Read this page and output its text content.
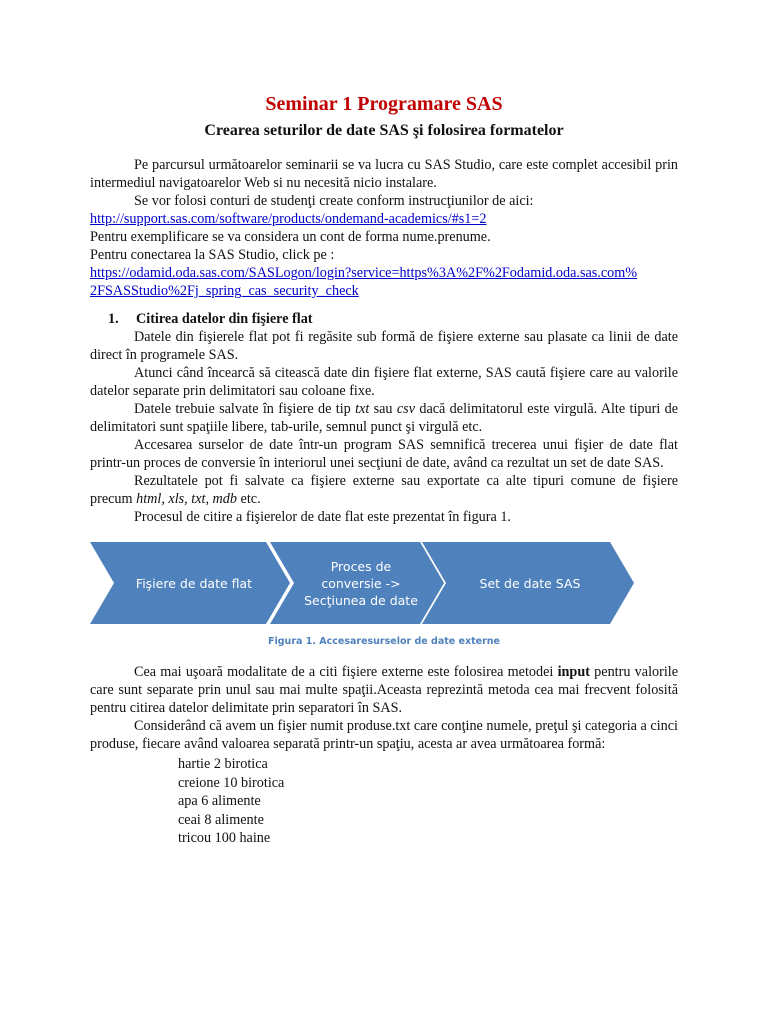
Seminar 1 Programare SAS
Crearea seturilor de date SAS şi folosirea formatelor

Pe parcursul următoarelor seminarii se va lucra cu SAS Studio, care este complet accesibil prin intermediul navigatoarelor Web si nu necesită nicio instalare.

Se vor folosi conturi de studenţi create conform instrucţiunilor de aici:

http://support.sas.com/software/products/ondemand-academics/#s1=2

Pentru exemplificare se va considera un cont de forma nume.prenume.

Pentru conectarea la SAS Studio, click pe :

https://odamid.oda.sas.com/SASLogon/login?service=https%3A%2F%2Fodamid.oda.sas.com%
2FSASStudio%2Fj_spring_cas_security_check

1. Citirea datelor din fişiere flat

Datele din fişierele flat pot fi regăsite sub formă de fişiere externe sau plasate ca linii de date direct în programele SAS.

Atunci când încearcă să citească date din fişiere flat externe, SAS caută fişiere care au valorile datelor separate prin delimitatori sau coloane fixe.

Datele trebuie salvate în fişiere de tip txt sau csv dacă delimitatorul este virgulă. Alte tipuri de delimitatori sunt spaţiile libere, tab-urile, semnul punct şi virgulă etc.

Accesarea surselor de date într-un program SAS semnifică trecerea unui fişier de date flat printr-un proces de conversie în interiorul unei secţiuni de date, având ca rezultat un set de date SAS.

Rezultatele pot fi salvate ca fişiere externe sau exportate ca alte tipuri comune de fişiere precum html, xls, txt, mdb etc.

Procesul de citire a fişierelor de date flat este prezentat în figura 1.

Fişiere de date flat
Proces de
conversie ->
Secţiunea de date
Set de date SAS
Figura 1. Accesaresurselor de date externe

Cea mai uşoară modalitate de a citi fişiere externe este folosirea metodei input pentru valorile care sunt separate prin unul sau mai multe spaţii.Aceasta reprezintă metoda cea mai frecvent folosită pentru citirea datelor delimitate prin separatori în SAS.

Considerând că avem un fişier numit produse.txt care conţine numele, preţul şi categoria a cinci produse, fiecare având valoarea separată printr-un spaţiu, acesta ar avea următoarea formă:

hartie 2 birotica
creione 10 birotica
apa 6 alimente
ceai 8 alimente
tricou 100 haine
